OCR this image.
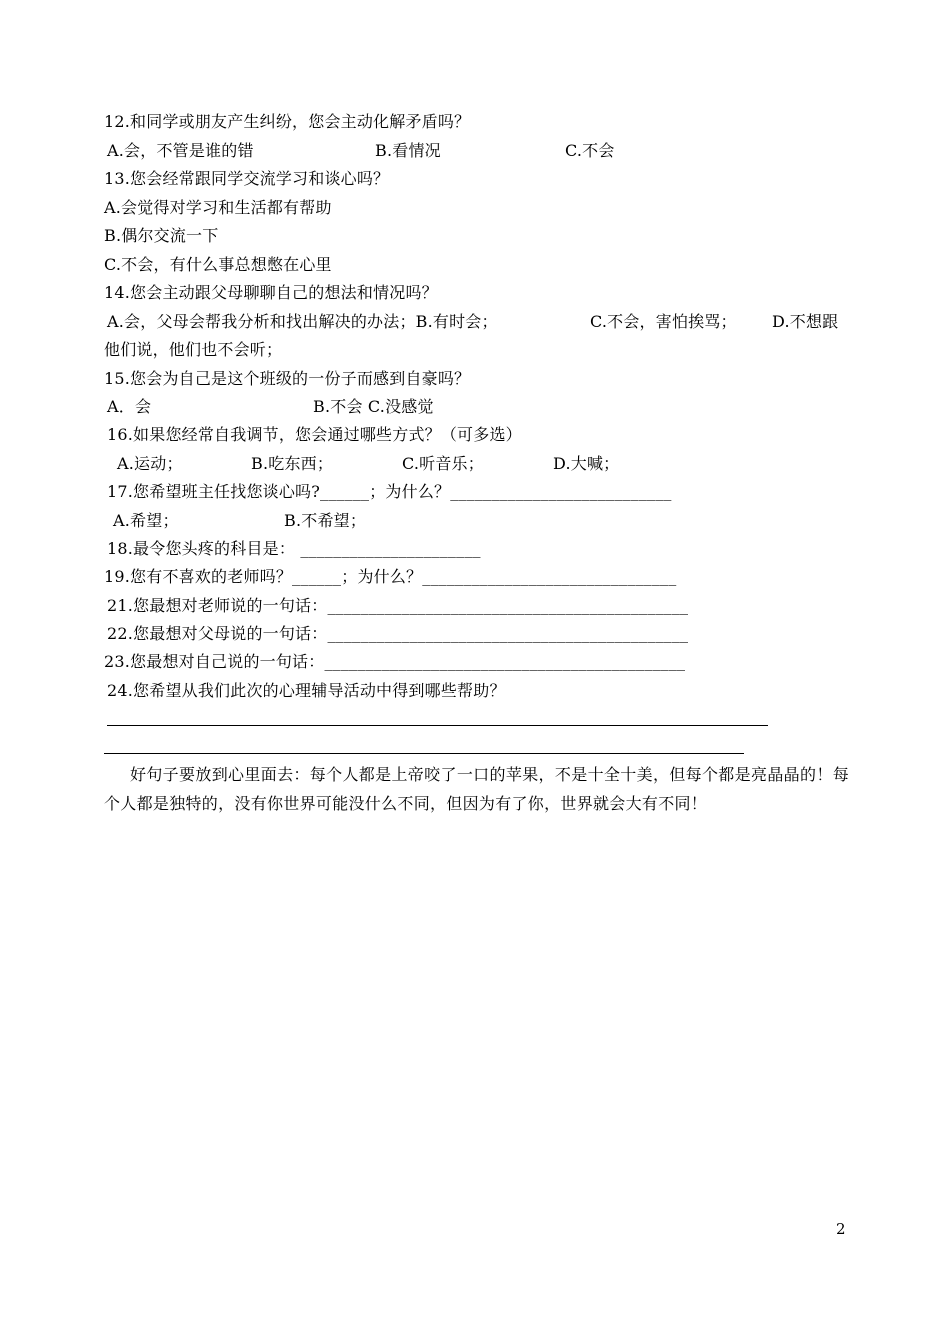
12.和同学或朋友产生纠纷，您会主动化解矛盾吗？
A.会，不管是谁的错	B.看情况	C.不会
13.您会经常跟同学交流学习和谈心吗？
A.会觉得对学习和生活都有帮助
B.偶尔交流一下
C.不会，有什么事总想憋在心里
14.您会主动跟父母聊聊自己的想法和情况吗？
A.会，父母会帮我分析和找出解决的办法；B.有时会；	C.不会，害怕挨骂； D.不想跟
他们说，他们也不会听；
15.您会为自己是这个班级的一份子而感到自豪吗？
A．会	B.不会 C.没感觉
16.如果您经常自我调节，您会通过哪些方式？（可多选）
A.运动；	B.吃东西；	C.听音乐；	D.大喊；
17.您希望班主任找您谈心吗?______；为什么？___________________________
A.希望；	B.不希望；
18.最令您头疼的科目是： ______________________
19.您有不喜欢的老师吗？______；为什么？_______________________________
21.您最想对老师说的一句话：____________________________________________
22.您最想对父母说的一句话：____________________________________________
23.您最想对自己说的一句话：____________________________________________
24.您希望从我们此次的心理辅导活动中得到哪些帮助？
好句子要放到心里面去：每个人都是上帝咬了一口的苹果，不是十全十美，但每个都是亮晶晶的！每个人都是独特的，没有你世界可能没什么不同，但因为有了你，世界就会大有不同！
2
